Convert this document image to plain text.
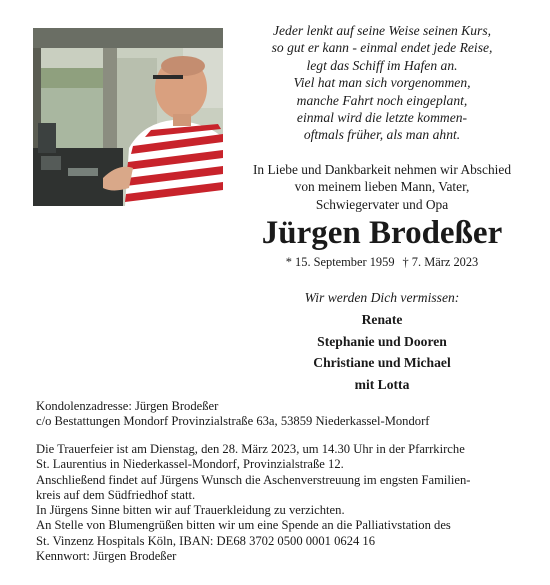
Jeder lenkt auf seine Weise seinen Kurs,
so gut er kann - einmal endet jede Reise,
legt das Schiff im Hafen an.
Viel hat man sich vorgenommen,
manche Fahrt noch eingeplant,
einmal wird die letzte kommen-
oftmals früher, als man ahnt.
In Liebe und Dankbarkeit nehmen wir Abschied
von meinem lieben Mann, Vater,
Schwiegervater und Opa
Jürgen Brodeßer
* 15. September 1959 † 7. März 2023
Wir werden Dich vermissen:
Renate
Stephanie und Dooren
Christiane und Michael
mit Lotta
Kondolenzadresse: Jürgen Brodeßer
c/o Bestattungen Mondorf Provinzialstraße 63a, 53859 Niederkassel-Mondorf
Die Trauerfeier ist am Dienstag, den 28. März 2023, um 14.30 Uhr in der Pfarrkirche
St. Laurentius in Niederkassel-Mondorf, Provinzialstraße 12.
Anschließend findet auf Jürgens Wunsch die Aschenverstreuung im engsten Familien-
kreis auf dem Südfriedhof statt.
In Jürgens Sinne bitten wir auf Trauerkleidung zu verzichten.
An Stelle von Blumengrüßen bitten wir um eine Spende an die Palliativstation des
St. Vinzenz Hospitals Köln, IBAN: DE68 3702 0500 0001 0624 16
Kennwort: Jürgen Brodeßer
